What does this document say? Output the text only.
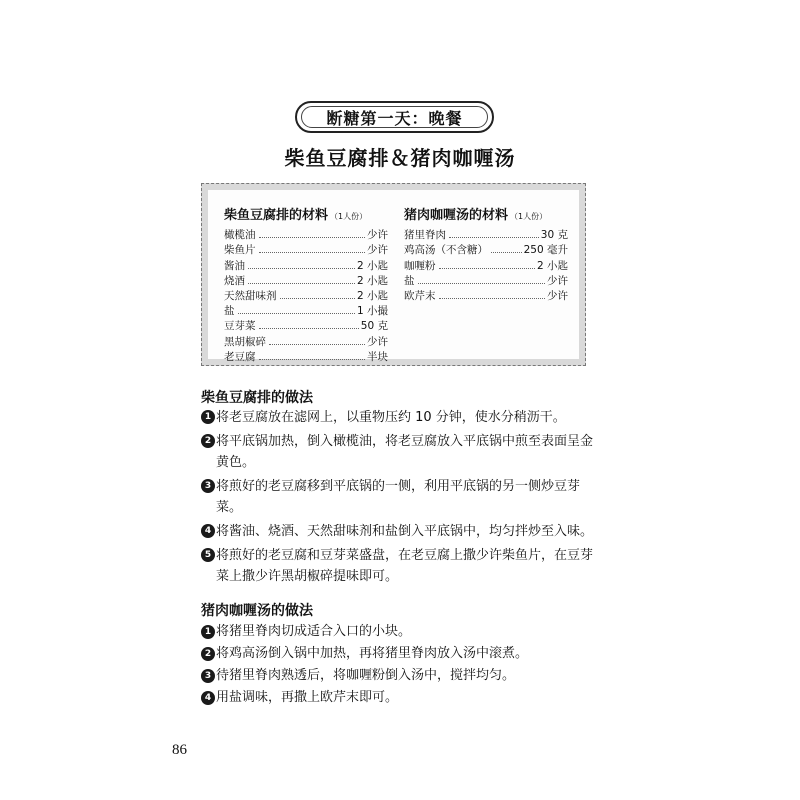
断糖第一天：晚餐
柴鱼豆腐排＆猪肉咖喱汤
柴鱼豆腐排的材料 （1人份）
橄榄油	少许
柴鱼片	少许
酱油	2 小匙
烧酒	2 小匙
天然甜味剂	2 小匙
盐	1 小撮
豆芽菜	50 克
黑胡椒碎	少许
老豆腐	半块
猪肉咖喱汤的材料 （1人份）
猪里脊肉	30 克
鸡高汤（不含糖）	250 毫升
咖喱粉	2 小匙
盐	少许
欧芹末	少许
柴鱼豆腐排的做法
1 将老豆腐放在滤网上，以重物压约 10 分钟，使水分稍沥干。
2 将平底锅加热，倒入橄榄油，将老豆腐放入平底锅中煎至表面呈金黄色。
3 将煎好的老豆腐移到平底锅的一侧，利用平底锅的另一侧炒豆芽菜。
4 将酱油、烧酒、天然甜味剂和盐倒入平底锅中，均匀拌炒至入味。
5 将煎好的老豆腐和豆芽菜盛盘，在老豆腐上撒少许柴鱼片，在豆芽菜上撒少许黑胡椒碎提味即可。
猪肉咖喱汤的做法
1 将猪里脊肉切成适合入口的小块。
2 将鸡高汤倒入锅中加热，再将猪里脊肉放入汤中滚煮。
3 待猪里脊肉熟透后，将咖喱粉倒入汤中，搅拌均匀。
4 用盐调味，再撒上欧芹末即可。
86
